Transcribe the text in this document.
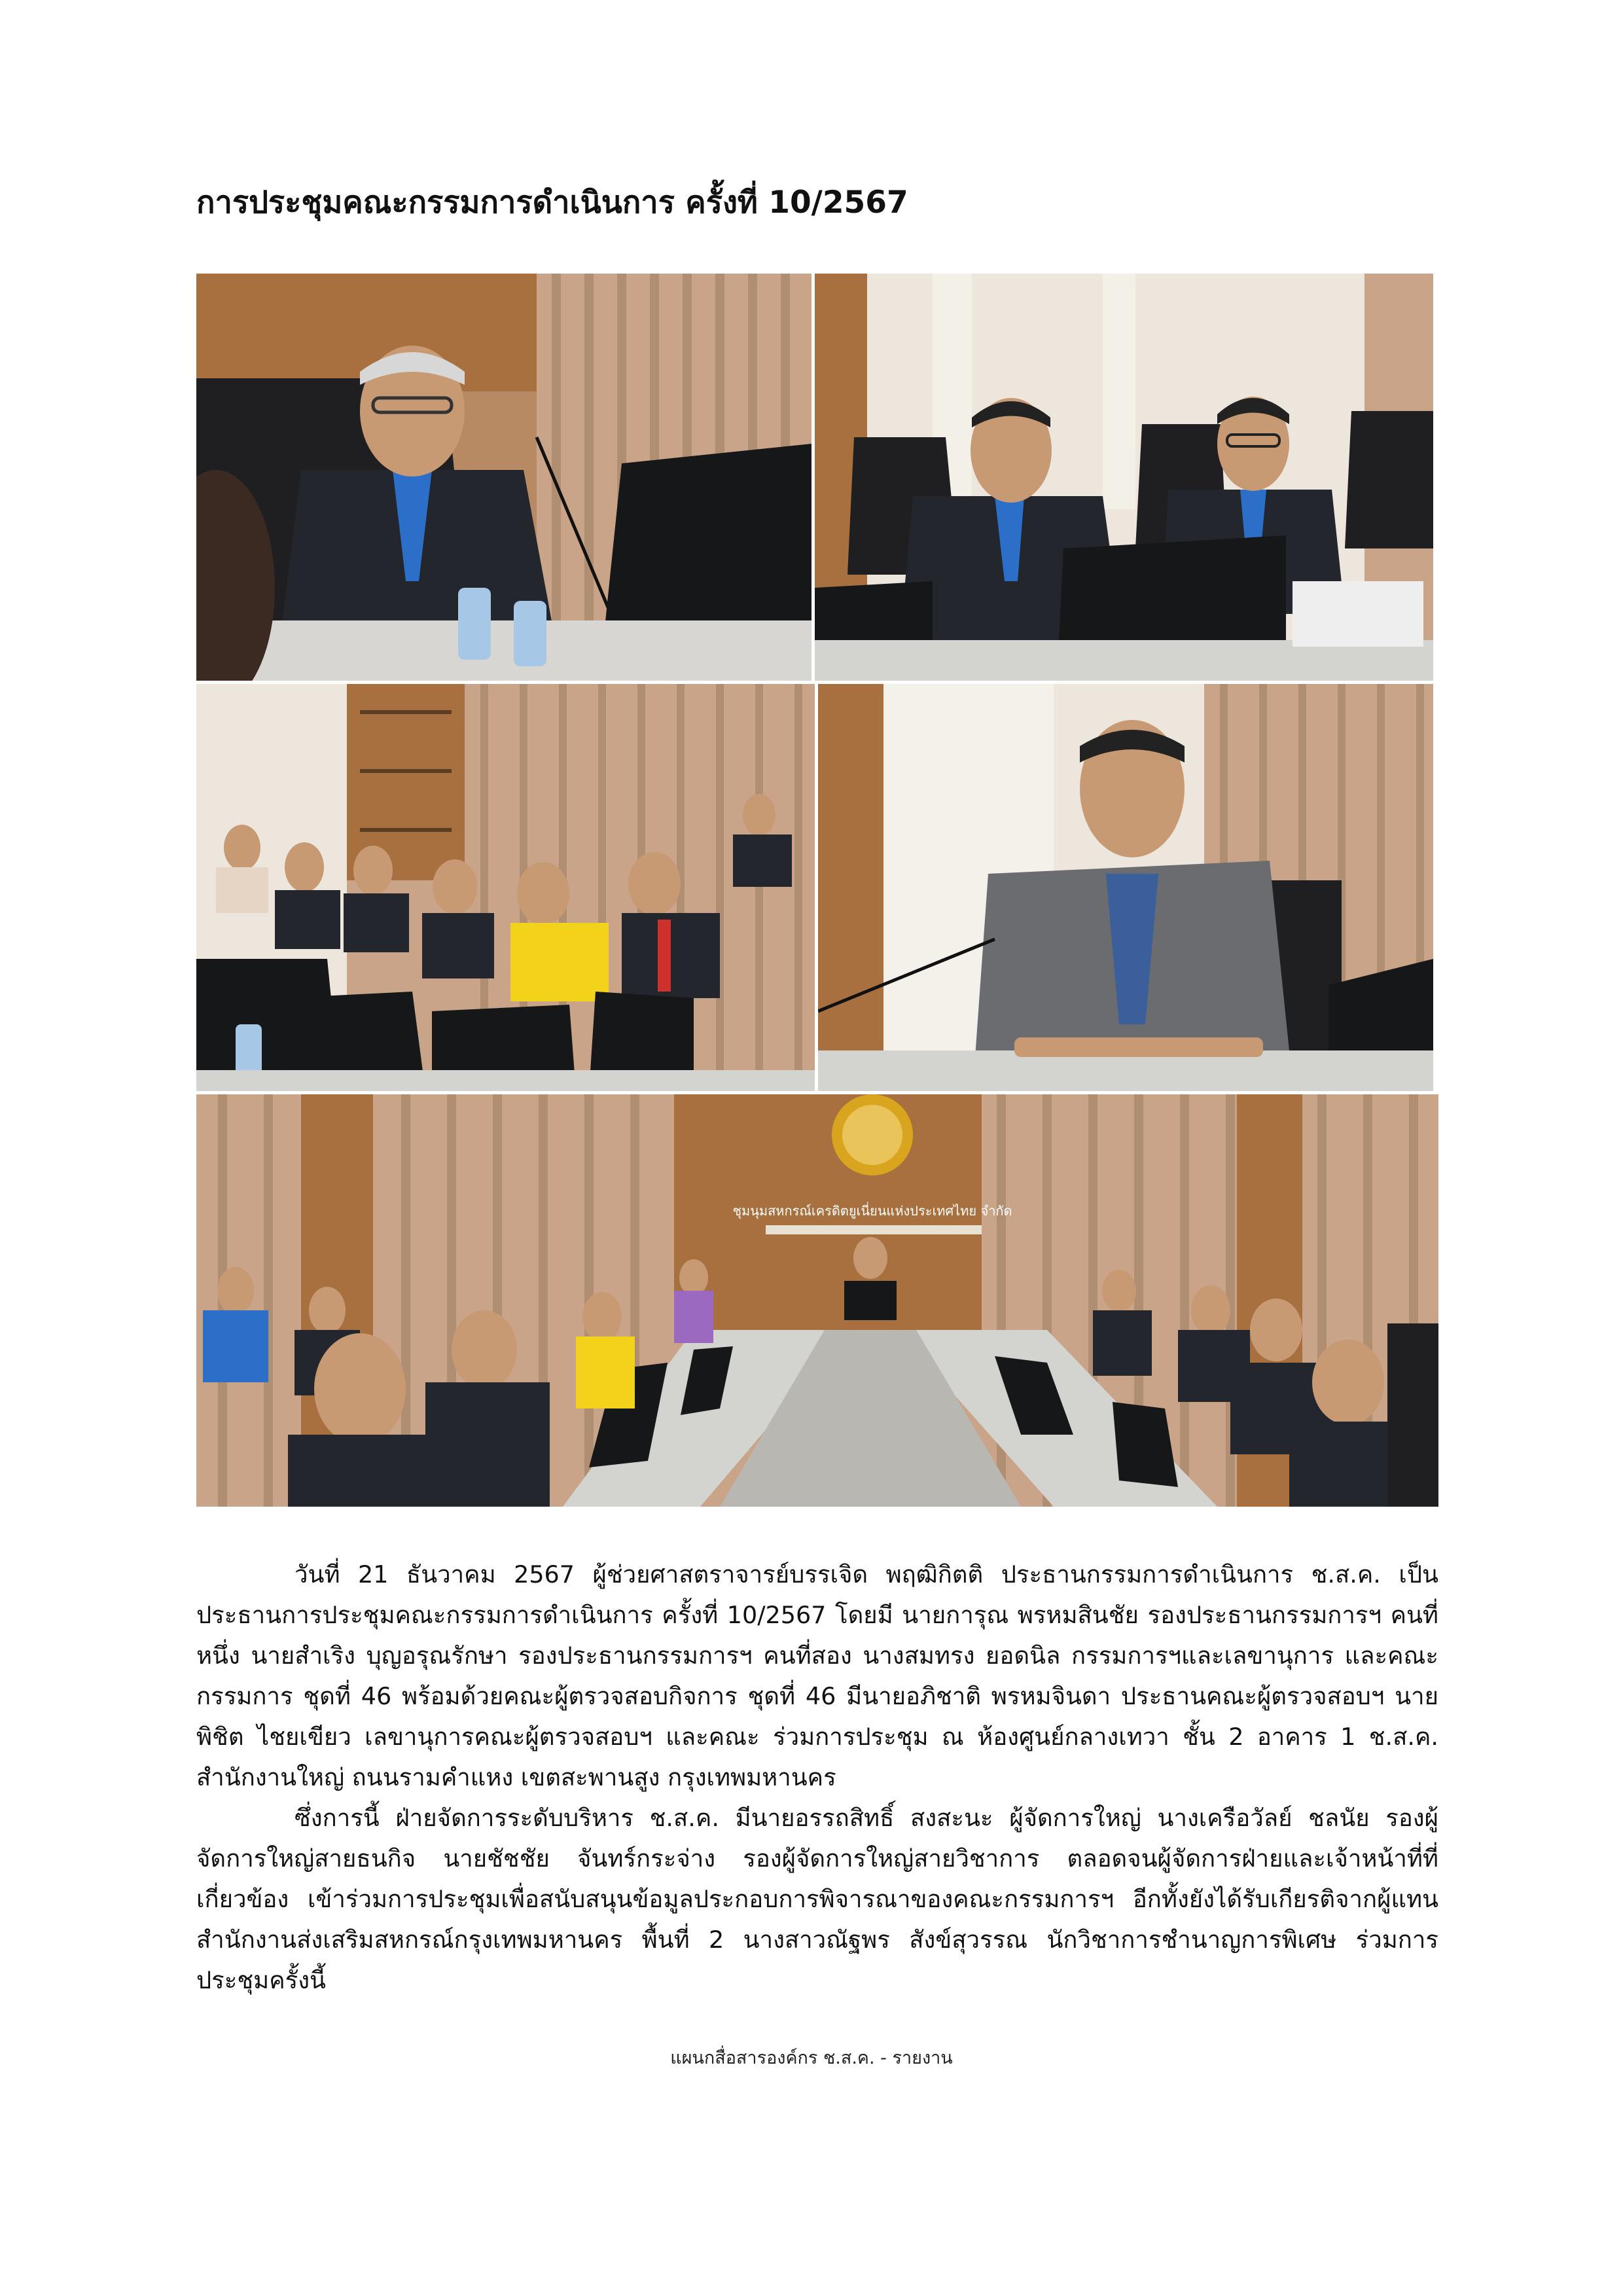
การประชุมคณะกรรมการดำเนินการ ครั้งที่ 10/2567
ชุมนุมสหกรณ์เครดิตยูเนี่ยนแห่งประเทศไทย จำกัด

วันที่ 21 ธันวาคม 2567 ผู้ช่วยศาสตราจารย์บรรเจิด พฤฒิกิตติ ประธานกรรมการดำเนินการ ช.ส.ค. เป็นประธานการประชุมคณะกรรมการดำเนินการ ครั้งที่ 10/2567 โดยมี นายการุณ พรหมสินชัย รองประธานกรรมการฯ คนที่หนึ่ง นายสำเริง บุญอรุณรักษา รองประธานกรรมการฯ คนที่สอง นางสมทรง ยอดนิล กรรมการฯและเลขานุการ และคณะกรรมการ ชุดที่ 46 พร้อมด้วยคณะผู้ตรวจสอบกิจการ ชุดที่ 46 มีนายอภิชาติ พรหมจินดา ประธานคณะผู้ตรวจสอบฯ นายพิชิต ไชยเขียว เลขานุการคณะผู้ตรวจสอบฯ และคณะ ร่วมการประชุม ณ ห้องศูนย์กลางเทวา ชั้น 2 อาคาร 1 ช.ส.ค. สำนักงานใหญ่ ถนนรามคำแหง เขตสะพานสูง กรุงเทพมหานคร

ซึ่งการนี้ ฝ่ายจัดการระดับบริหาร ช.ส.ค. มีนายอรรถสิทธิ์ สงสะนะ ผู้จัดการใหญ่ นางเครือวัลย์ ชลนัย รองผู้จัดการใหญ่สายธนกิจ นายชัชชัย จันทร์กระจ่าง รองผู้จัดการใหญ่สายวิชาการ ตลอดจนผู้จัดการฝ่ายและเจ้าหน้าที่ที่เกี่ยวข้อง เข้าร่วมการประชุมเพื่อสนับสนุนข้อมูลประกอบการพิจารณาของคณะกรรมการฯ อีกทั้งยังได้รับเกียรติจากผู้แทนสำนักงานส่งเสริมสหกรณ์กรุงเทพมหานคร พื้นที่ 2 นางสาวณัฐพร สังข์สุวรรณ นักวิชาการชำนาญการพิเศษ ร่วมการประชุมครั้งนี้

แผนกสื่อสารองค์กร ช.ส.ค. - รายงาน
